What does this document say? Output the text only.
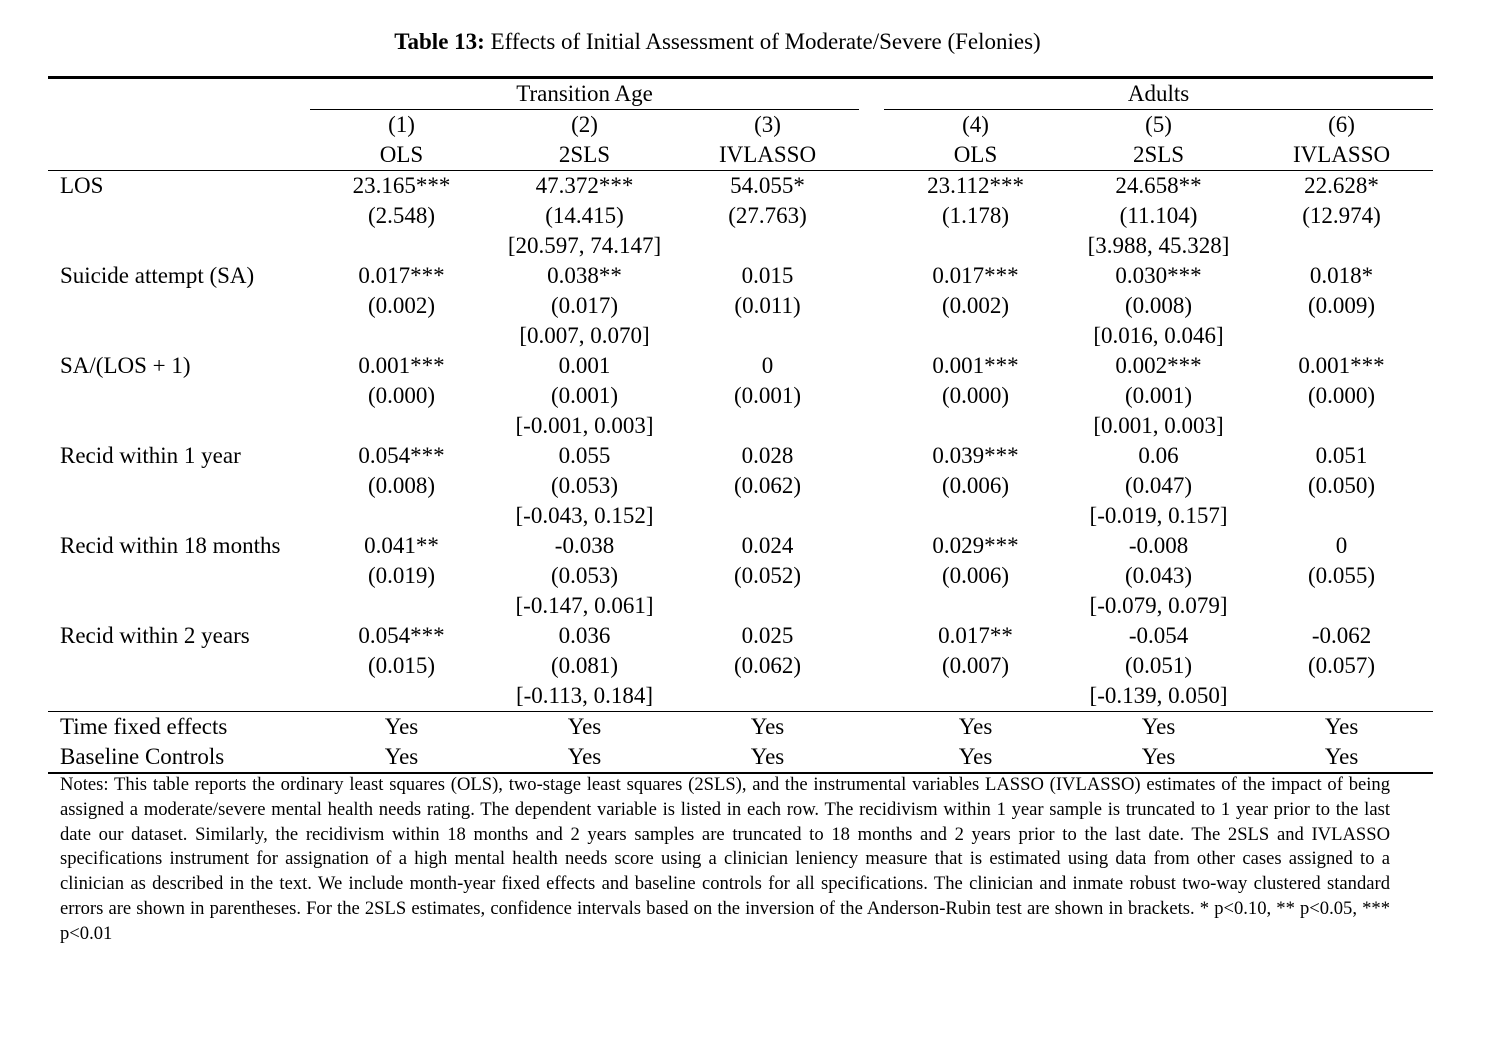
Table 13: Effects of Initial Assessment of Moderate/Severe (Felonies)
	Transition Age				Adults		
	(1)	(2)	(3)		(4)	(5)	(6)
	OLS	2SLS	IVLASSO		OLS	2SLS	IVLASSO
LOS	23.165***	47.372***	54.055*		23.112***	24.658**	22.628*
	(2.548)	(14.415)	(27.763)		(1.178)	(11.104)	(12.974)
		[20.597, 74.147]				[3.988, 45.328]	
Suicide attempt (SA)	0.017***	0.038**	0.015		0.017***	0.030***	0.018*
	(0.002)	(0.017)	(0.011)		(0.002)	(0.008)	(0.009)
		[0.007, 0.070]				[0.016, 0.046]	
SA/(LOS + 1)	0.001***	0.001	0		0.001***	0.002***	0.001***
	(0.000)	(0.001)	(0.001)		(0.000)	(0.001)	(0.000)
		[-0.001, 0.003]				[0.001, 0.003]	
Recid within 1 year	0.054***	0.055	0.028		0.039***	0.06	0.051
	(0.008)	(0.053)	(0.062)		(0.006)	(0.047)	(0.050)
		[-0.043, 0.152]				[-0.019, 0.157]	
Recid within 18 months	0.041**	-0.038	0.024		0.029***	-0.008	0
	(0.019)	(0.053)	(0.052)		(0.006)	(0.043)	(0.055)
		[-0.147, 0.061]				[-0.079, 0.079]	
Recid within 2 years	0.054***	0.036	0.025		0.017**	-0.054	-0.062
	(0.015)	(0.081)	(0.062)		(0.007)	(0.051)	(0.057)
		[-0.113, 0.184]				[-0.139, 0.050]	
Time fixed effects	Yes	Yes	Yes		Yes	Yes	Yes
Baseline Controls	Yes	Yes	Yes		Yes	Yes	Yes
Notes: This table reports the ordinary least squares (OLS), two-stage least squares (2SLS), and the instrumental variables LASSO (IVLASSO) estimates of the impact of being assigned a moderate/severe mental health needs rating. The dependent variable is listed in each row. The recidivism within 1 year sample is truncated to 1 year prior to the last date our dataset. Similarly, the recidivism within 18 months and 2 years samples are truncated to 18 months and 2 years prior to the last date. The 2SLS and IVLASSO specifications instrument for assignation of a high mental health needs score using a clinician leniency measure that is estimated using data from other cases assigned to a clinician as described in the text. We include month-year fixed effects and baseline controls for all specifications. The clinician and inmate robust two-way clustered standard errors are shown in parentheses. For the 2SLS estimates, confidence intervals based on the inversion of the Anderson-Rubin test are shown in brackets. * p<0.10, ** p<0.05, *** p<0.01
